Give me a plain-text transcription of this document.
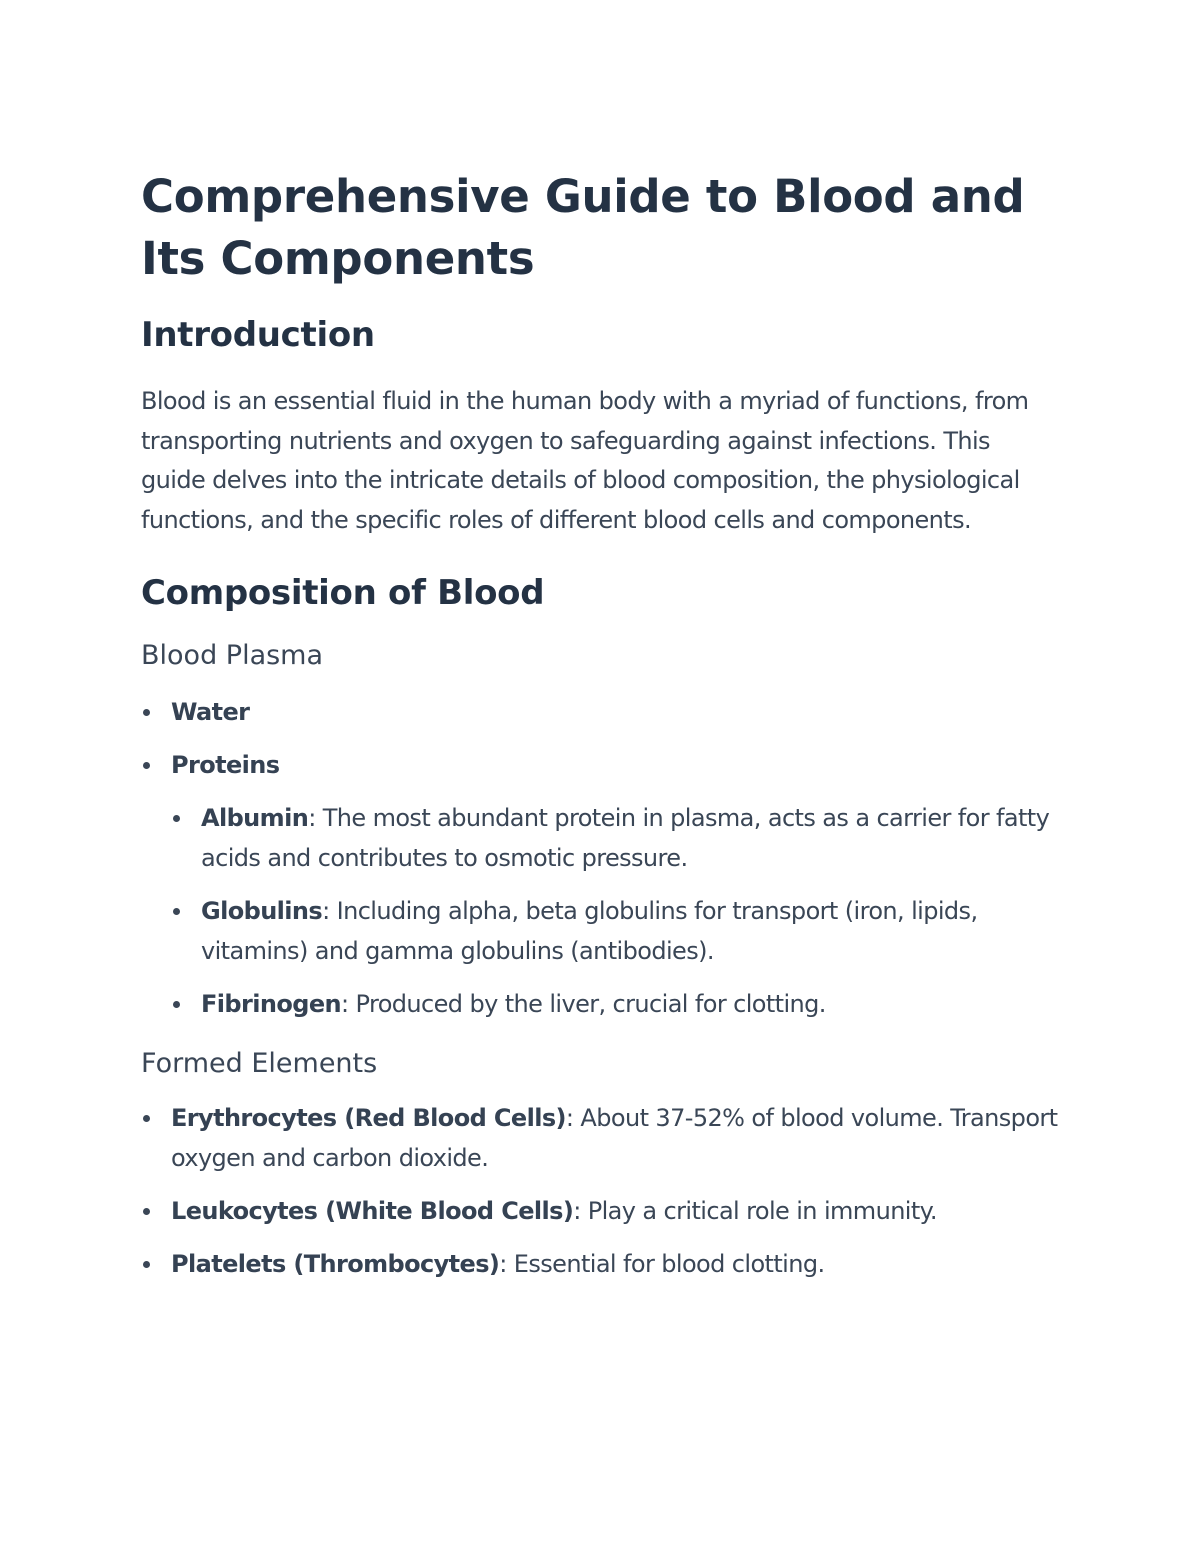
Comprehensive Guide to Blood and Its Components
Introduction

Blood is an essential fluid in the human body with a myriad of functions, from transporting nutrients and oxygen to safeguarding against infections. This guide delves into the intricate details of blood composition, the physiological functions, and the specific roles of different blood cells and components.

Composition of Blood
Blood Plasma
Water
Proteins
Albumin: The most abundant protein in plasma, acts as a carrier for fatty acids and contributes to osmotic pressure.
Globulins: Including alpha, beta globulins for transport (iron, lipids, vitamins) and gamma globulins (antibodies).
Fibrinogen: Produced by the liver, crucial for clotting.
Formed Elements
Erythrocytes (Red Blood Cells): About 37-52% of blood volume. Transport oxygen and carbon dioxide.
Leukocytes (White Blood Cells): Play a critical role in immunity.
Platelets (Thrombocytes): Essential for blood clotting.
